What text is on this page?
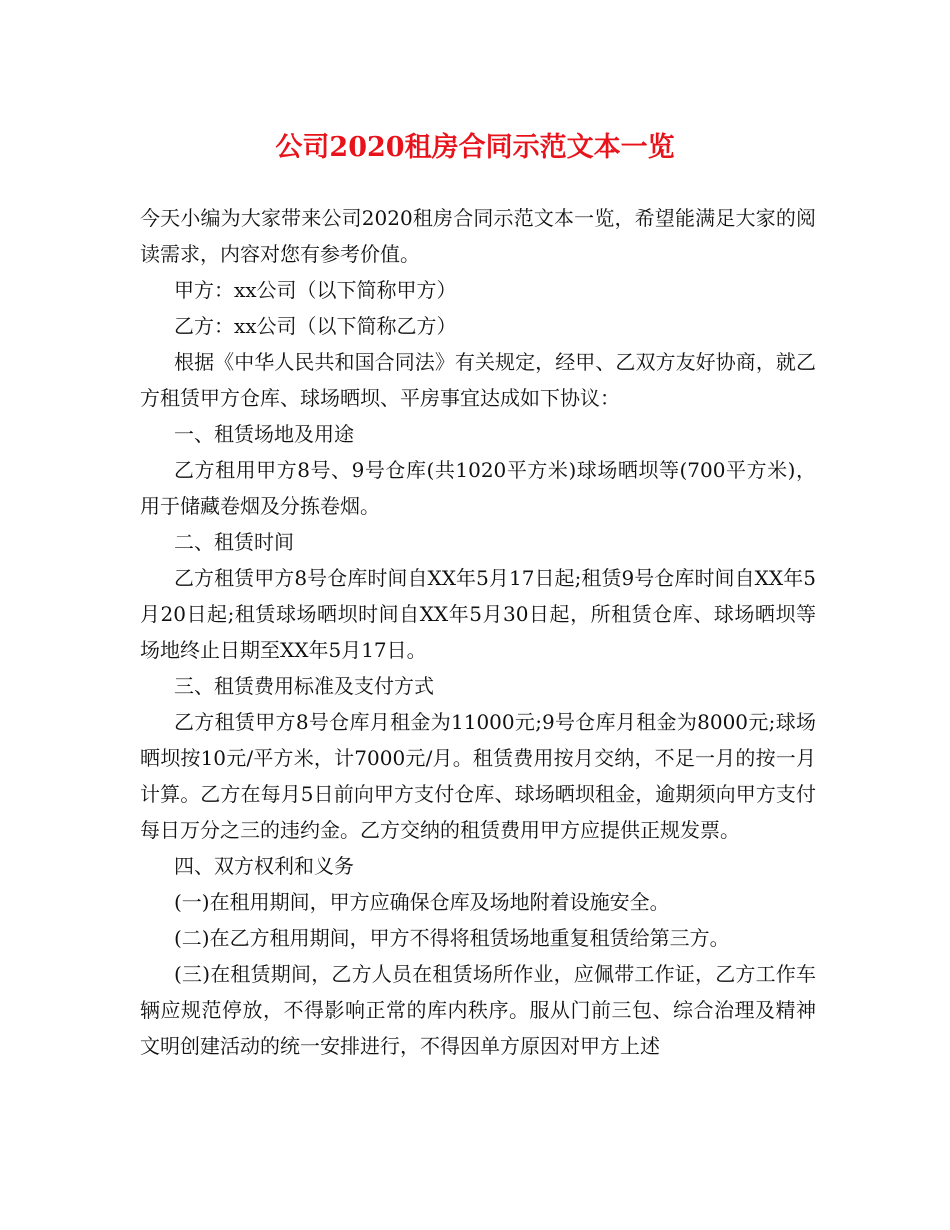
公司2020租房合同示范文本一览

今天小编为大家带来公司2020租房合同示范文本一览，希望能满足大家的阅读需求，内容对您有参考价值。

甲方：xx公司（以下简称甲方）

乙方：xx公司（以下简称乙方）

根据《中华人民共和国合同法》有关规定，经甲、乙双方友好协商，就乙方租赁甲方仓库、球场晒坝、平房事宜达成如下协议：

一、租赁场地及用途

乙方租用甲方8号、9号仓库(共1020平方米)球场晒坝等(700平方米)，用于储藏卷烟及分拣卷烟。

二、租赁时间

乙方租赁甲方8号仓库时间自XX年5月17日起;租赁9号仓库时间自XX年5月20日起;租赁球场晒坝时间自XX年5月30日起，所租赁仓库、球场晒坝等场地终止日期至XX年5月17日。

三、租赁费用标准及支付方式

乙方租赁甲方8号仓库月租金为11000元;9号仓库月租金为8000元;球场晒坝按10元/平方米，计7000元/月。租赁费用按月交纳，不足一月的按一月计算。乙方在每月5日前向甲方支付仓库、球场晒坝租金，逾期须向甲方支付每日万分之三的违约金。乙方交纳的租赁费用甲方应提供正规发票。

四、双方权利和义务

(一)在租用期间，甲方应确保仓库及场地附着设施安全。

(二)在乙方租用期间，甲方不得将租赁场地重复租赁给第三方。

(三)在租赁期间，乙方人员在租赁场所作业，应佩带工作证，乙方工作车辆应规范停放，不得影响正常的库内秩序。服从门前三包、综合治理及精神文明创建活动的统一安排进行，不得因单方原因对甲方上述
